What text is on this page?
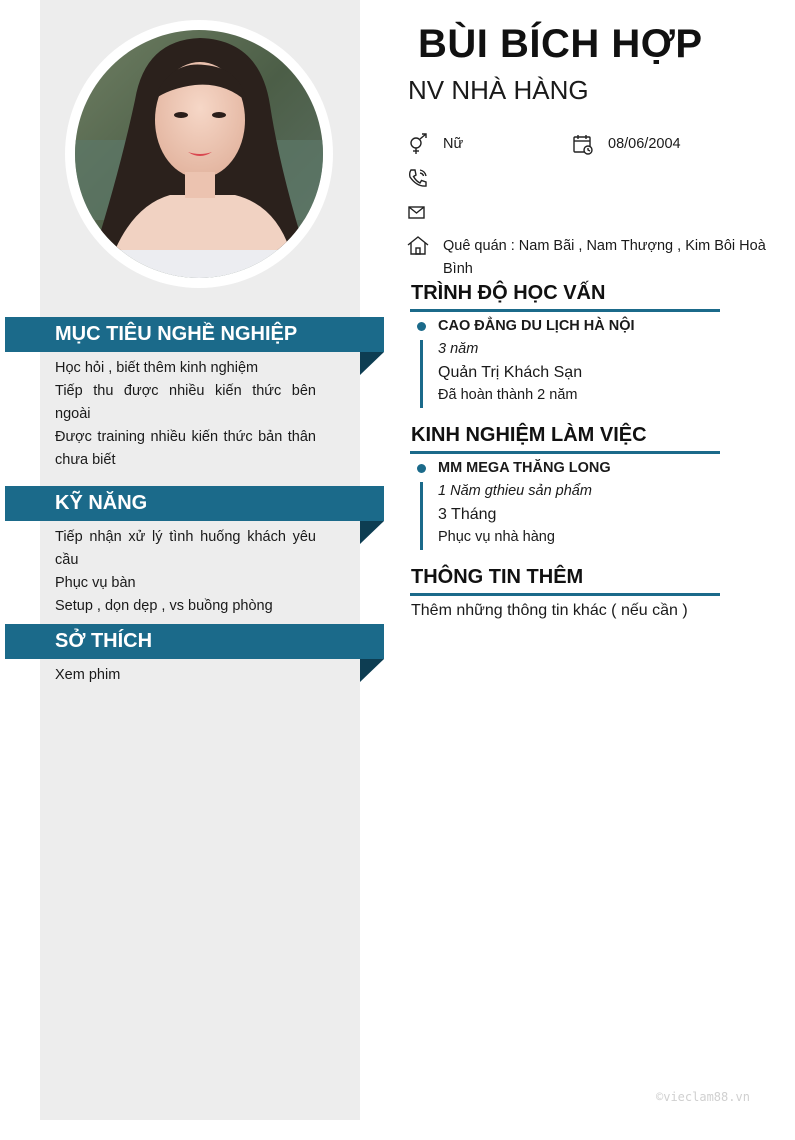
MỤC TIÊU NGHỀ NGHIỆP

Học hỏi , biết thêm kinh nghiệm

Tiếp thu được nhiều kiến thức bên ngoài

Được training nhiều kiến thức bản thân chưa biết

KỸ NĂNG

Tiếp nhận xử lý tình huống khách yêu cầu

Phục vụ bàn

Setup , dọn dẹp , vs buồng phòng

SỞ THÍCH

Xem phim

BÙI BÍCH HỢP
NV NHÀ HÀNG
Nữ	08/06/2004
Quê quán : Nam Bãi , Nam Thượng , Kim Bôi Hoà Bình
TRÌNH ĐỘ HỌC VẤN
CAO ĐẲNG DU LỊCH HÀ NỘI
3 năm
Quản Trị Khách Sạn
Đã hoàn thành 2 năm
KINH NGHIỆM LÀM VIỆC
MM MEGA THĂNG LONG
1 Năm gthieu sản phẩm
3 Tháng
Phục vụ nhà hàng
THÔNG TIN THÊM
Thêm những thông tin khác ( nếu cần )
©vieclam88.vn
